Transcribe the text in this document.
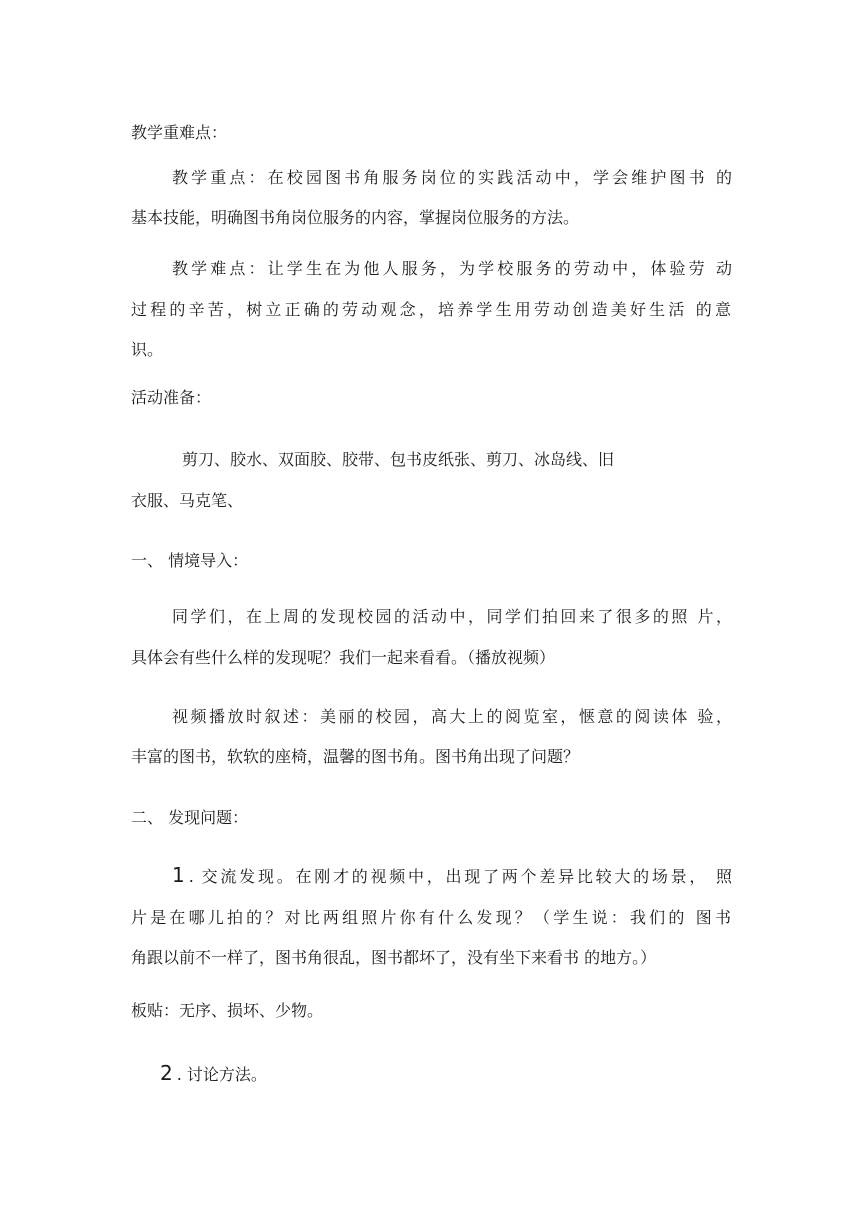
教学重难点：
教学重点：在校园图书角服务岗位的实践活动中，学会维护图书 的
基本技能，明确图书角岗位服务的内容，掌握岗位服务的方法。
教学难点：让学生在为他人服务，为学校服务的劳动中，体验劳 动
过程的辛苦，树立正确的劳动观念，培养学生用劳动创造美好生活 的意
识。
活动准备：
剪刀、胶水、双面胶、胶带、包书皮纸张、剪刀、冰岛线、旧
衣服、马克笔、
一、 情境导入：
同学们，在上周的发现校园的活动中，同学们拍回来了很多的照 片，
具体会有些什么样的发现呢？我们一起来看看。（播放视频）
视频播放时叙述：美丽的校园，高大上的阅览室，惬意的阅读体 验，
丰富的图书，软软的座椅，温馨的图书角。图书角出现了问题？
二、 发现问题：
1 . 交流发现。在刚才的视频中，出现了两个差异比较大的场景， 照
片是在哪儿拍的？对比两组照片你有什么发现？（学生说：我们的 图书
角跟以前不一样了，图书角很乱，图书都坏了，没有坐下来看书 的地方。）
板贴：无序、损坏、少物。
2 . 讨论方法。
